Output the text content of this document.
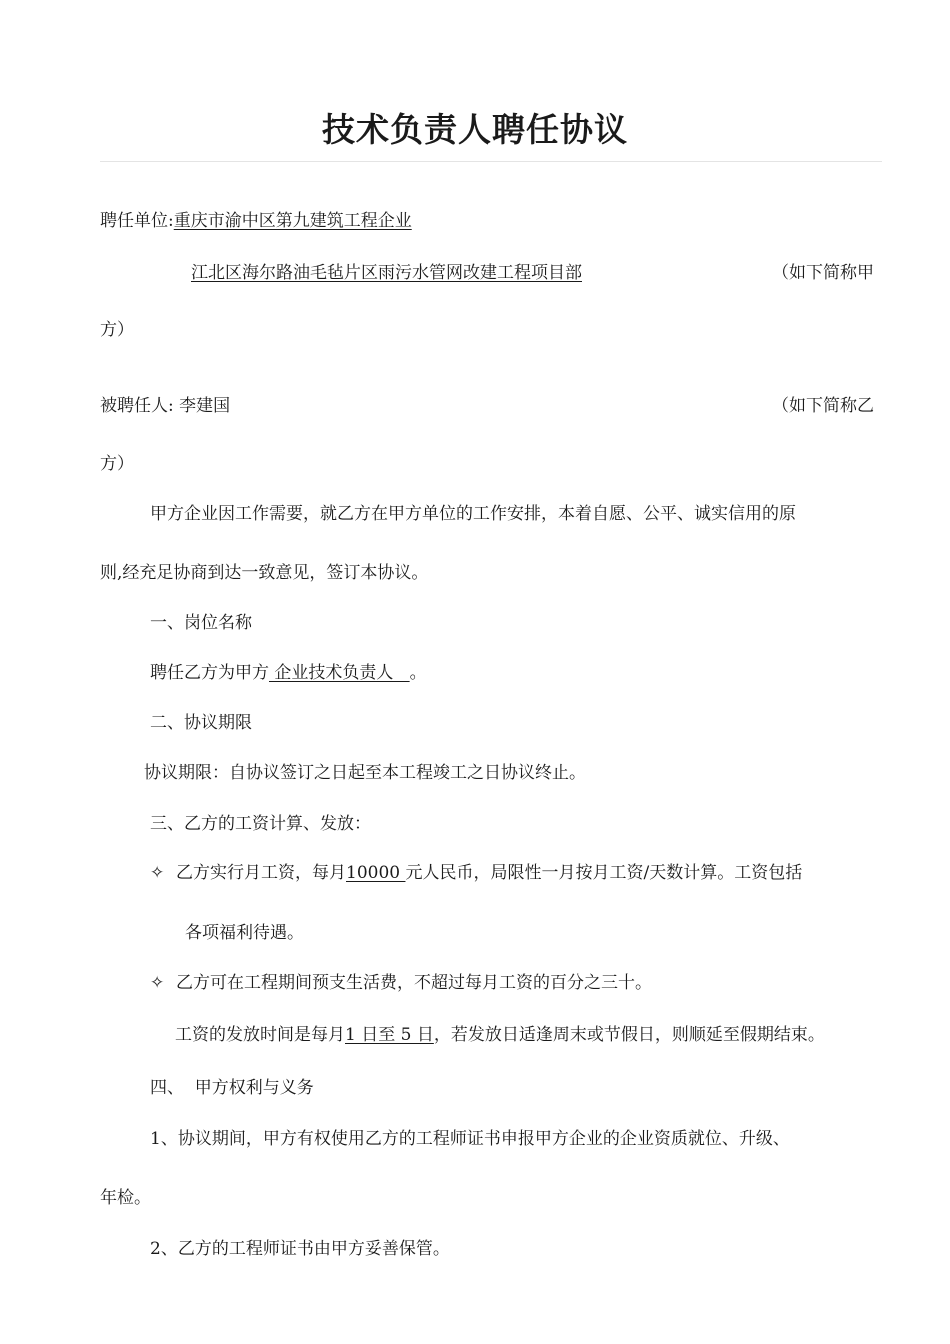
技术负责人聘任协议
聘任单位:重庆市渝中区第九建筑工程企业
江北区海尔路油毛毡片区雨污水管网改建工程项目部	（如下简称甲
方）
被聘任人: 李建国	（如下简称乙
方）
甲方企业因工作需要，就乙方在甲方单位的工作安排，本着自愿、公平、诚实信用的原
则,经充足协商到达一致意见，签订本协议。
一、岗位名称
聘任乙方为甲方 企业技术负责人   。
二、协议期限
协议期限：自协议签订之日起至本工程竣工之日协议终止。
三、乙方的工资计算、发放：
✧ 乙方实行月工资，每月10000 元人民币，局限性一月按月工资/天数计算。工资包括
各项福利待遇。
✧ 乙方可在工程期间预支生活费，不超过每月工资的百分之三十。
工资的发放时间是每月1 日至 5 日，若发放日适逢周末或节假日，则顺延至假期结束。
四、  甲方权利与义务
1、协议期间，甲方有权使用乙方的工程师证书申报甲方企业的企业资质就位、升级、
年检。
2、乙方的工程师证书由甲方妥善保管。
